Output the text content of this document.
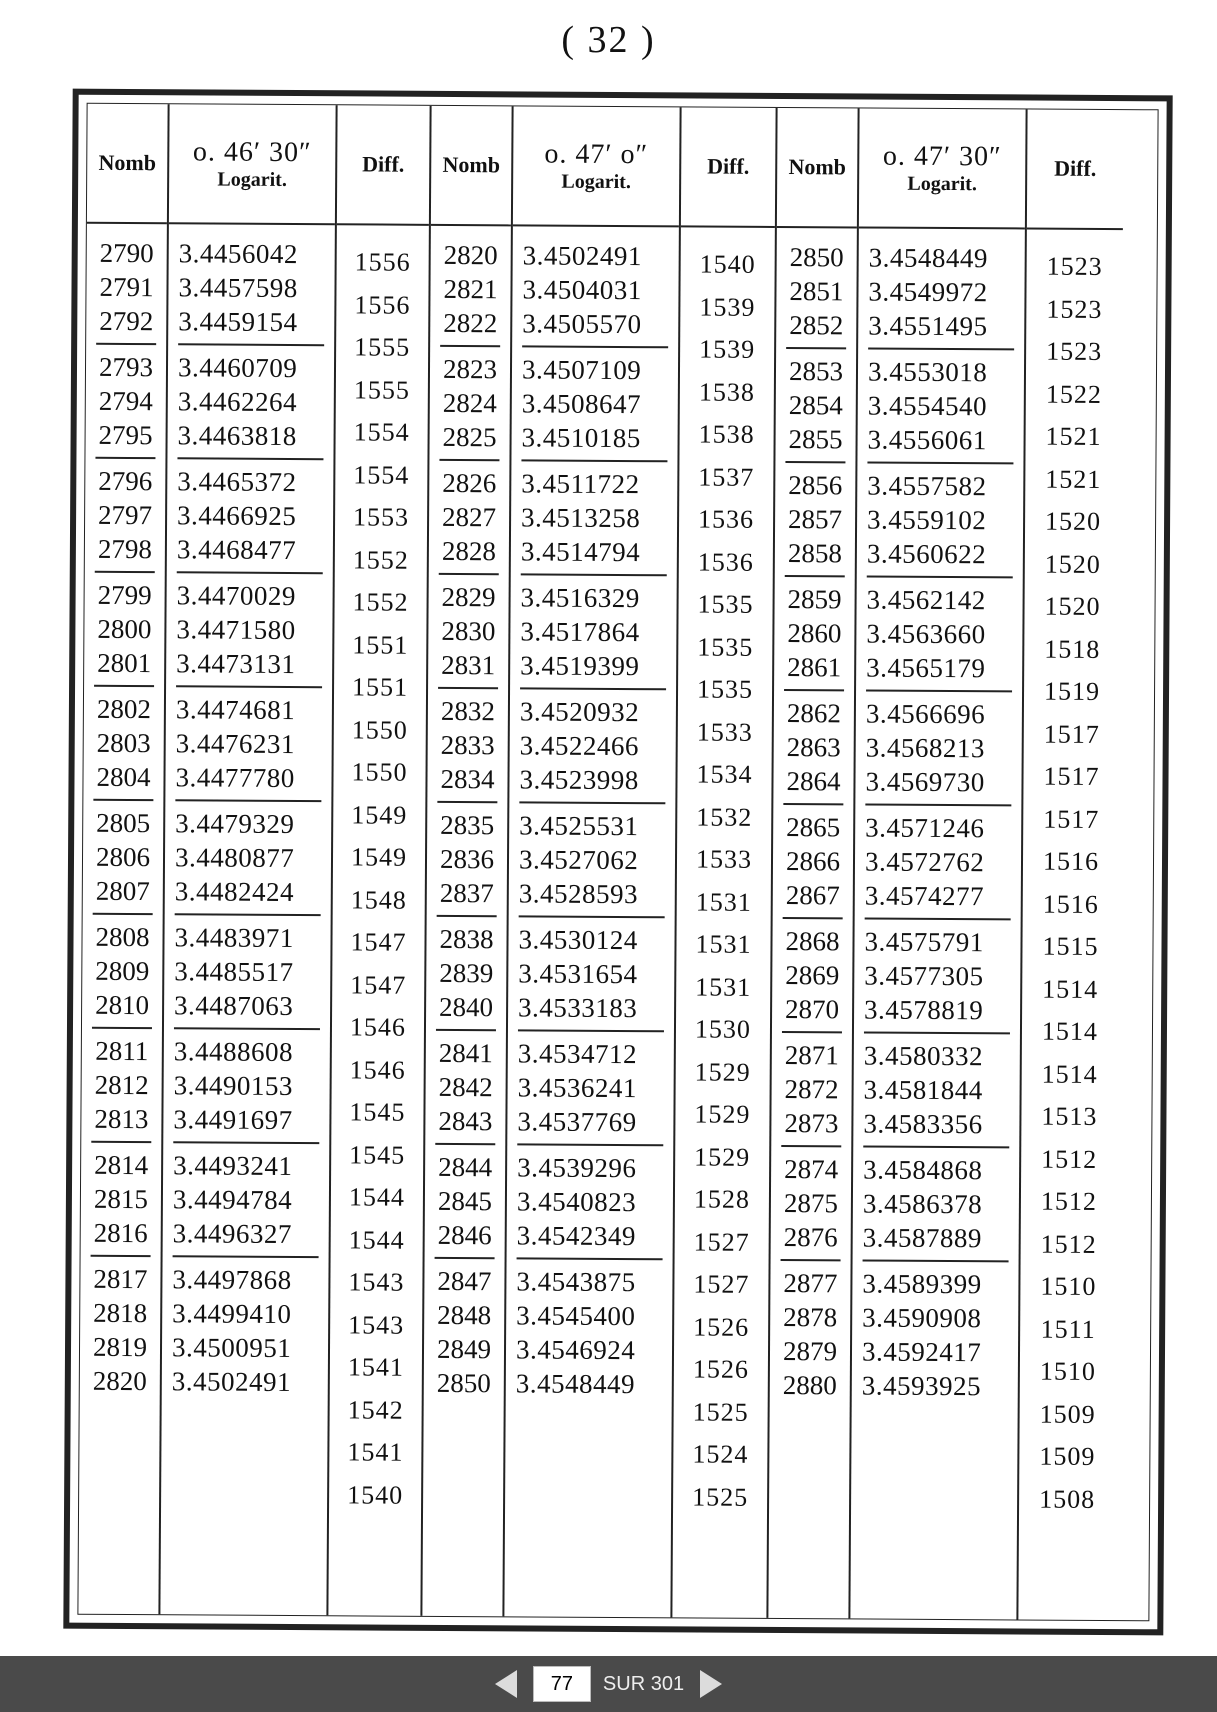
( 32 )
Nomb
2790
2791
2792
2793
2794
2795
2796
2797
2798
2799
2800
2801
2802
2803
2804
2805
2806
2807
2808
2809
2810
2811
2812
2813
2814
2815
2816
2817
2818
2819
2820
o. 46′ 30″
Logarit.
3.4456042
3.4457598
3.4459154
3.4460709
3.4462264
3.4463818
3.4465372
3.4466925
3.4468477
3.4470029
3.4471580
3.4473131
3.4474681
3.4476231
3.4477780
3.4479329
3.4480877
3.4482424
3.4483971
3.4485517
3.4487063
3.4488608
3.4490153
3.4491697
3.4493241
3.4494784
3.4496327
3.4497868
3.4499410
3.4500951
3.4502491
Diff.
1556
1556
1555
1555
1554
1554
1553
1552
1552
1551
1551
1550
1550
1549
1549
1548
1547
1547
1546
1546
1545
1545
1544
1544
1543
1543
1541
1542
1541
1540
Nomb
2820
2821
2822
2823
2824
2825
2826
2827
2828
2829
2830
2831
2832
2833
2834
2835
2836
2837
2838
2839
2840
2841
2842
2843
2844
2845
2846
2847
2848
2849
2850
o. 47′ o″
Logarit.
3.4502491
3.4504031
3.4505570
3.4507109
3.4508647
3.4510185
3.4511722
3.4513258
3.4514794
3.4516329
3.4517864
3.4519399
3.4520932
3.4522466
3.4523998
3.4525531
3.4527062
3.4528593
3.4530124
3.4531654
3.4533183
3.4534712
3.4536241
3.4537769
3.4539296
3.4540823
3.4542349
3.4543875
3.4545400
3.4546924
3.4548449
Diff.
1540
1539
1539
1538
1538
1537
1536
1536
1535
1535
1535
1533
1534
1532
1533
1531
1531
1531
1530
1529
1529
1529
1528
1527
1527
1526
1526
1525
1524
1525
Nomb
2850
2851
2852
2853
2854
2855
2856
2857
2858
2859
2860
2861
2862
2863
2864
2865
2866
2867
2868
2869
2870
2871
2872
2873
2874
2875
2876
2877
2878
2879
2880
o. 47′ 30″
Logarit.
3.4548449
3.4549972
3.4551495
3.4553018
3.4554540
3.4556061
3.4557582
3.4559102
3.4560622
3.4562142
3.4563660
3.4565179
3.4566696
3.4568213
3.4569730
3.4571246
3.4572762
3.4574277
3.4575791
3.4577305
3.4578819
3.4580332
3.4581844
3.4583356
3.4584868
3.4586378
3.4587889
3.4589399
3.4590908
3.4592417
3.4593925
Diff.
1523
1523
1523
1522
1521
1521
1520
1520
1520
1518
1519
1517
1517
1517
1516
1516
1515
1514
1514
1514
1513
1512
1512
1512
1510
1511
1510
1509
1509
1508
77
SUR 301
